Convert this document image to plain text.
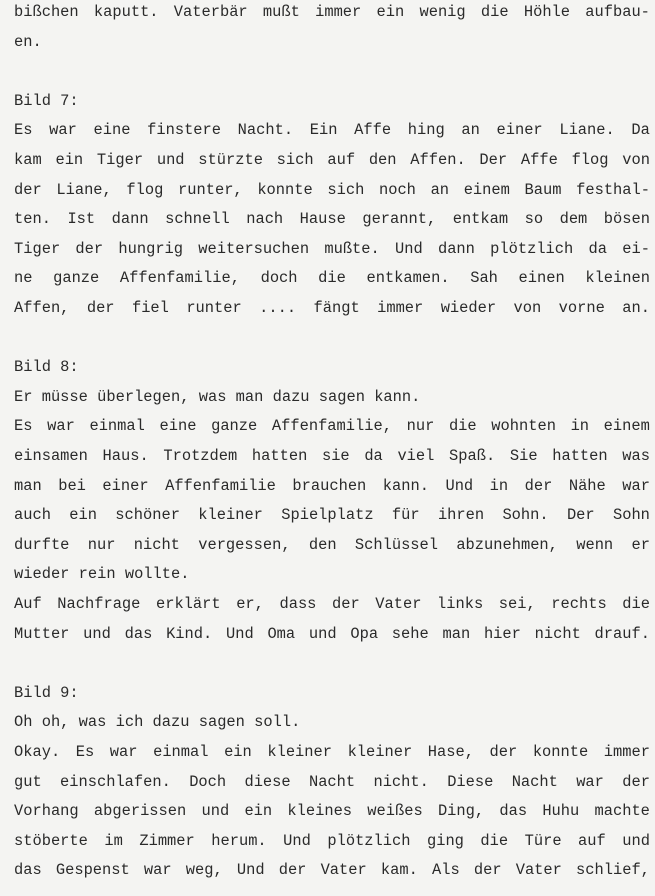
bißchen kaputt. Vaterbär mußt immer ein wenig die Höhle aufbau-
en.
Bild 7:
Es war eine finstere Nacht. Ein Affe hing an einer Liane. Da
kam ein Tiger und stürzte sich auf den Affen. Der Affe flog von
der Liane, flog runter, konnte sich noch an einem Baum festhal-
ten. Ist dann schnell nach Hause gerannt, entkam so dem bösen
Tiger der hungrig weitersuchen mußte. Und dann plötzlich da ei-
ne ganze Affenfamilie, doch die entkamen. Sah einen kleinen
Affen, der fiel runter .... fängt immer wieder von vorne an.
Bild 8:
Er müsse überlegen, was man dazu sagen kann.
Es war einmal eine ganze Affenfamilie, nur die wohnten in einem
einsamen Haus. Trotzdem hatten sie da viel Spaß. Sie hatten was
man bei einer Affenfamilie brauchen kann. Und in der Nähe war
auch ein schöner kleiner Spielplatz für ihren Sohn. Der Sohn
durfte nur nicht vergessen, den Schlüssel abzunehmen, wenn er
wieder rein wollte.
Auf Nachfrage erklärt er, dass der Vater links sei, rechts die
Mutter und das Kind. Und Oma und Opa sehe man hier nicht drauf.
Bild 9:
Oh oh, was ich dazu sagen soll.
Okay. Es war einmal ein kleiner kleiner Hase, der konnte immer
gut einschlafen. Doch diese Nacht nicht. Diese Nacht war der
Vorhang abgerissen und ein kleines weißes Ding, das Huhu machte
stöberte im Zimmer herum. Und plötzlich ging die Türe auf und
das Gespenst war weg, Und der Vater kam. Als der Vater schlief,
